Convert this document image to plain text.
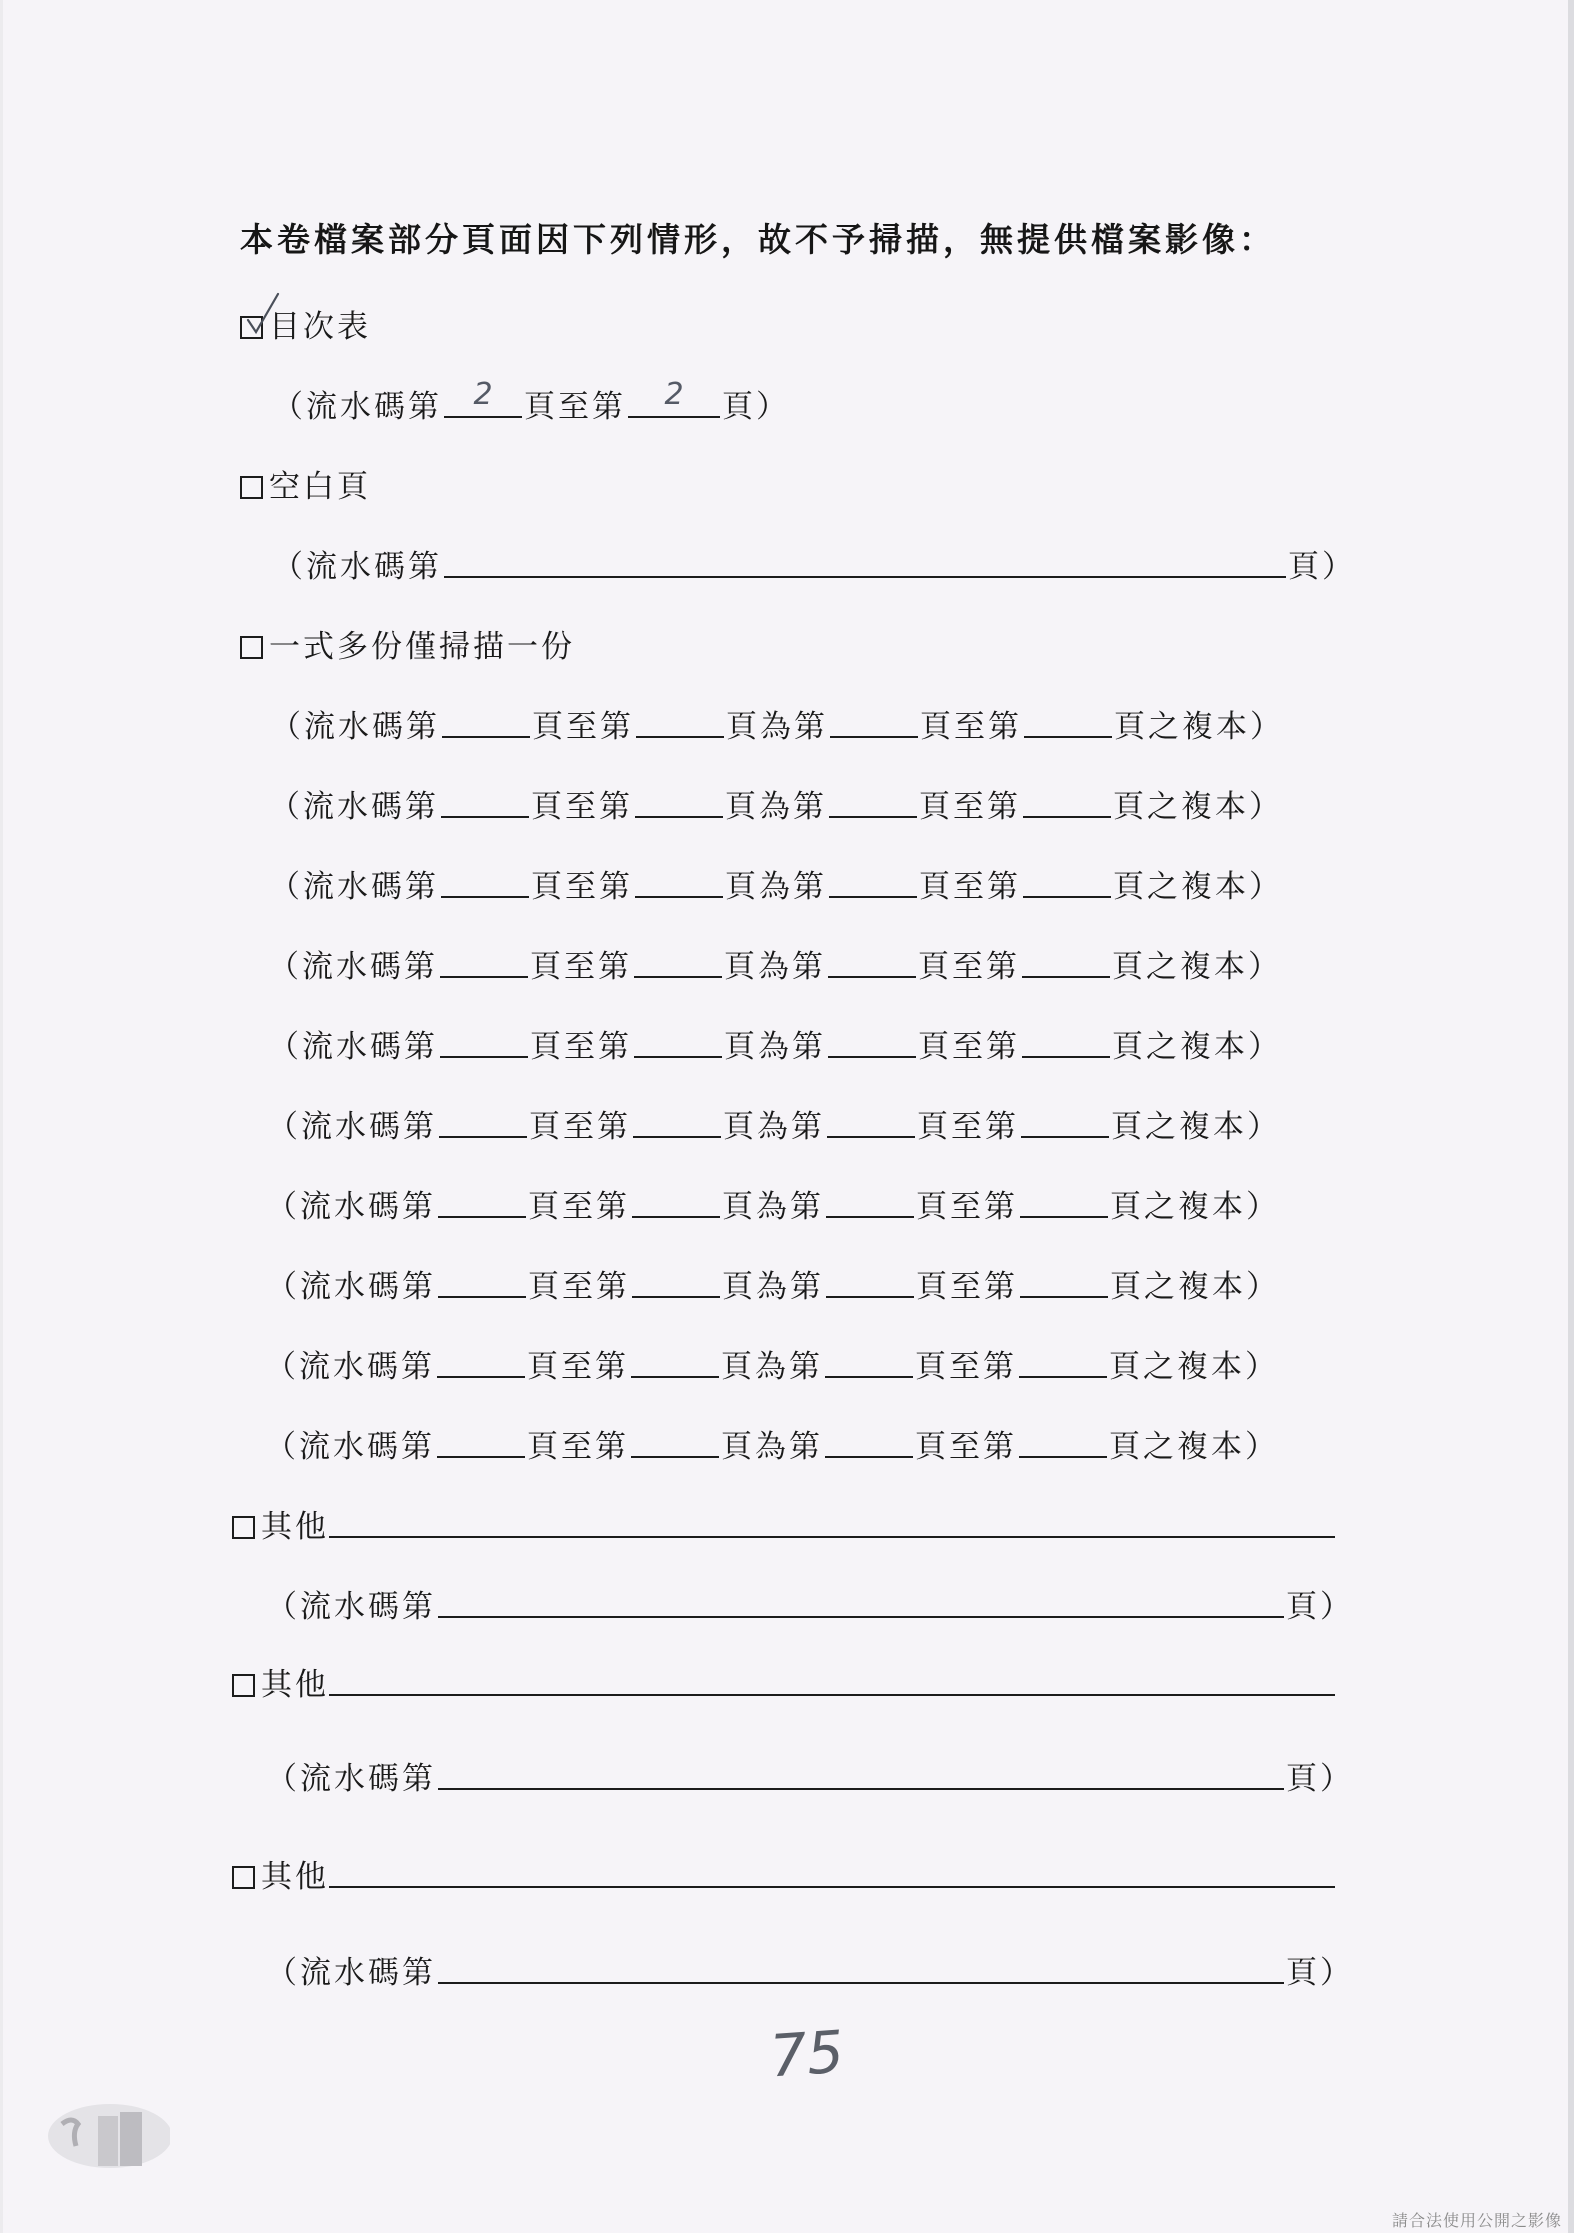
本卷檔案部分頁面因下列情形，故不予掃描，無提供檔案影像：
目次表
（流水碼第	2	頁至第	2	頁）
空白頁
（流水碼第	頁）
一式多份僅掃描一份
（流水碼第	頁至第	頁為第	頁至第	頁之複本）
（流水碼第	頁至第	頁為第	頁至第	頁之複本）
（流水碼第	頁至第	頁為第	頁至第	頁之複本）
（流水碼第	頁至第	頁為第	頁至第	頁之複本）
（流水碼第	頁至第	頁為第	頁至第	頁之複本）
（流水碼第	頁至第	頁為第	頁至第	頁之複本）
（流水碼第	頁至第	頁為第	頁至第	頁之複本）
（流水碼第	頁至第	頁為第	頁至第	頁之複本）
（流水碼第	頁至第	頁為第	頁至第	頁之複本）
（流水碼第	頁至第	頁為第	頁至第	頁之複本）
其他
（流水碼第	頁）
其他
（流水碼第	頁）
其他
（流水碼第	頁）
75
請合法使用公開之影像
